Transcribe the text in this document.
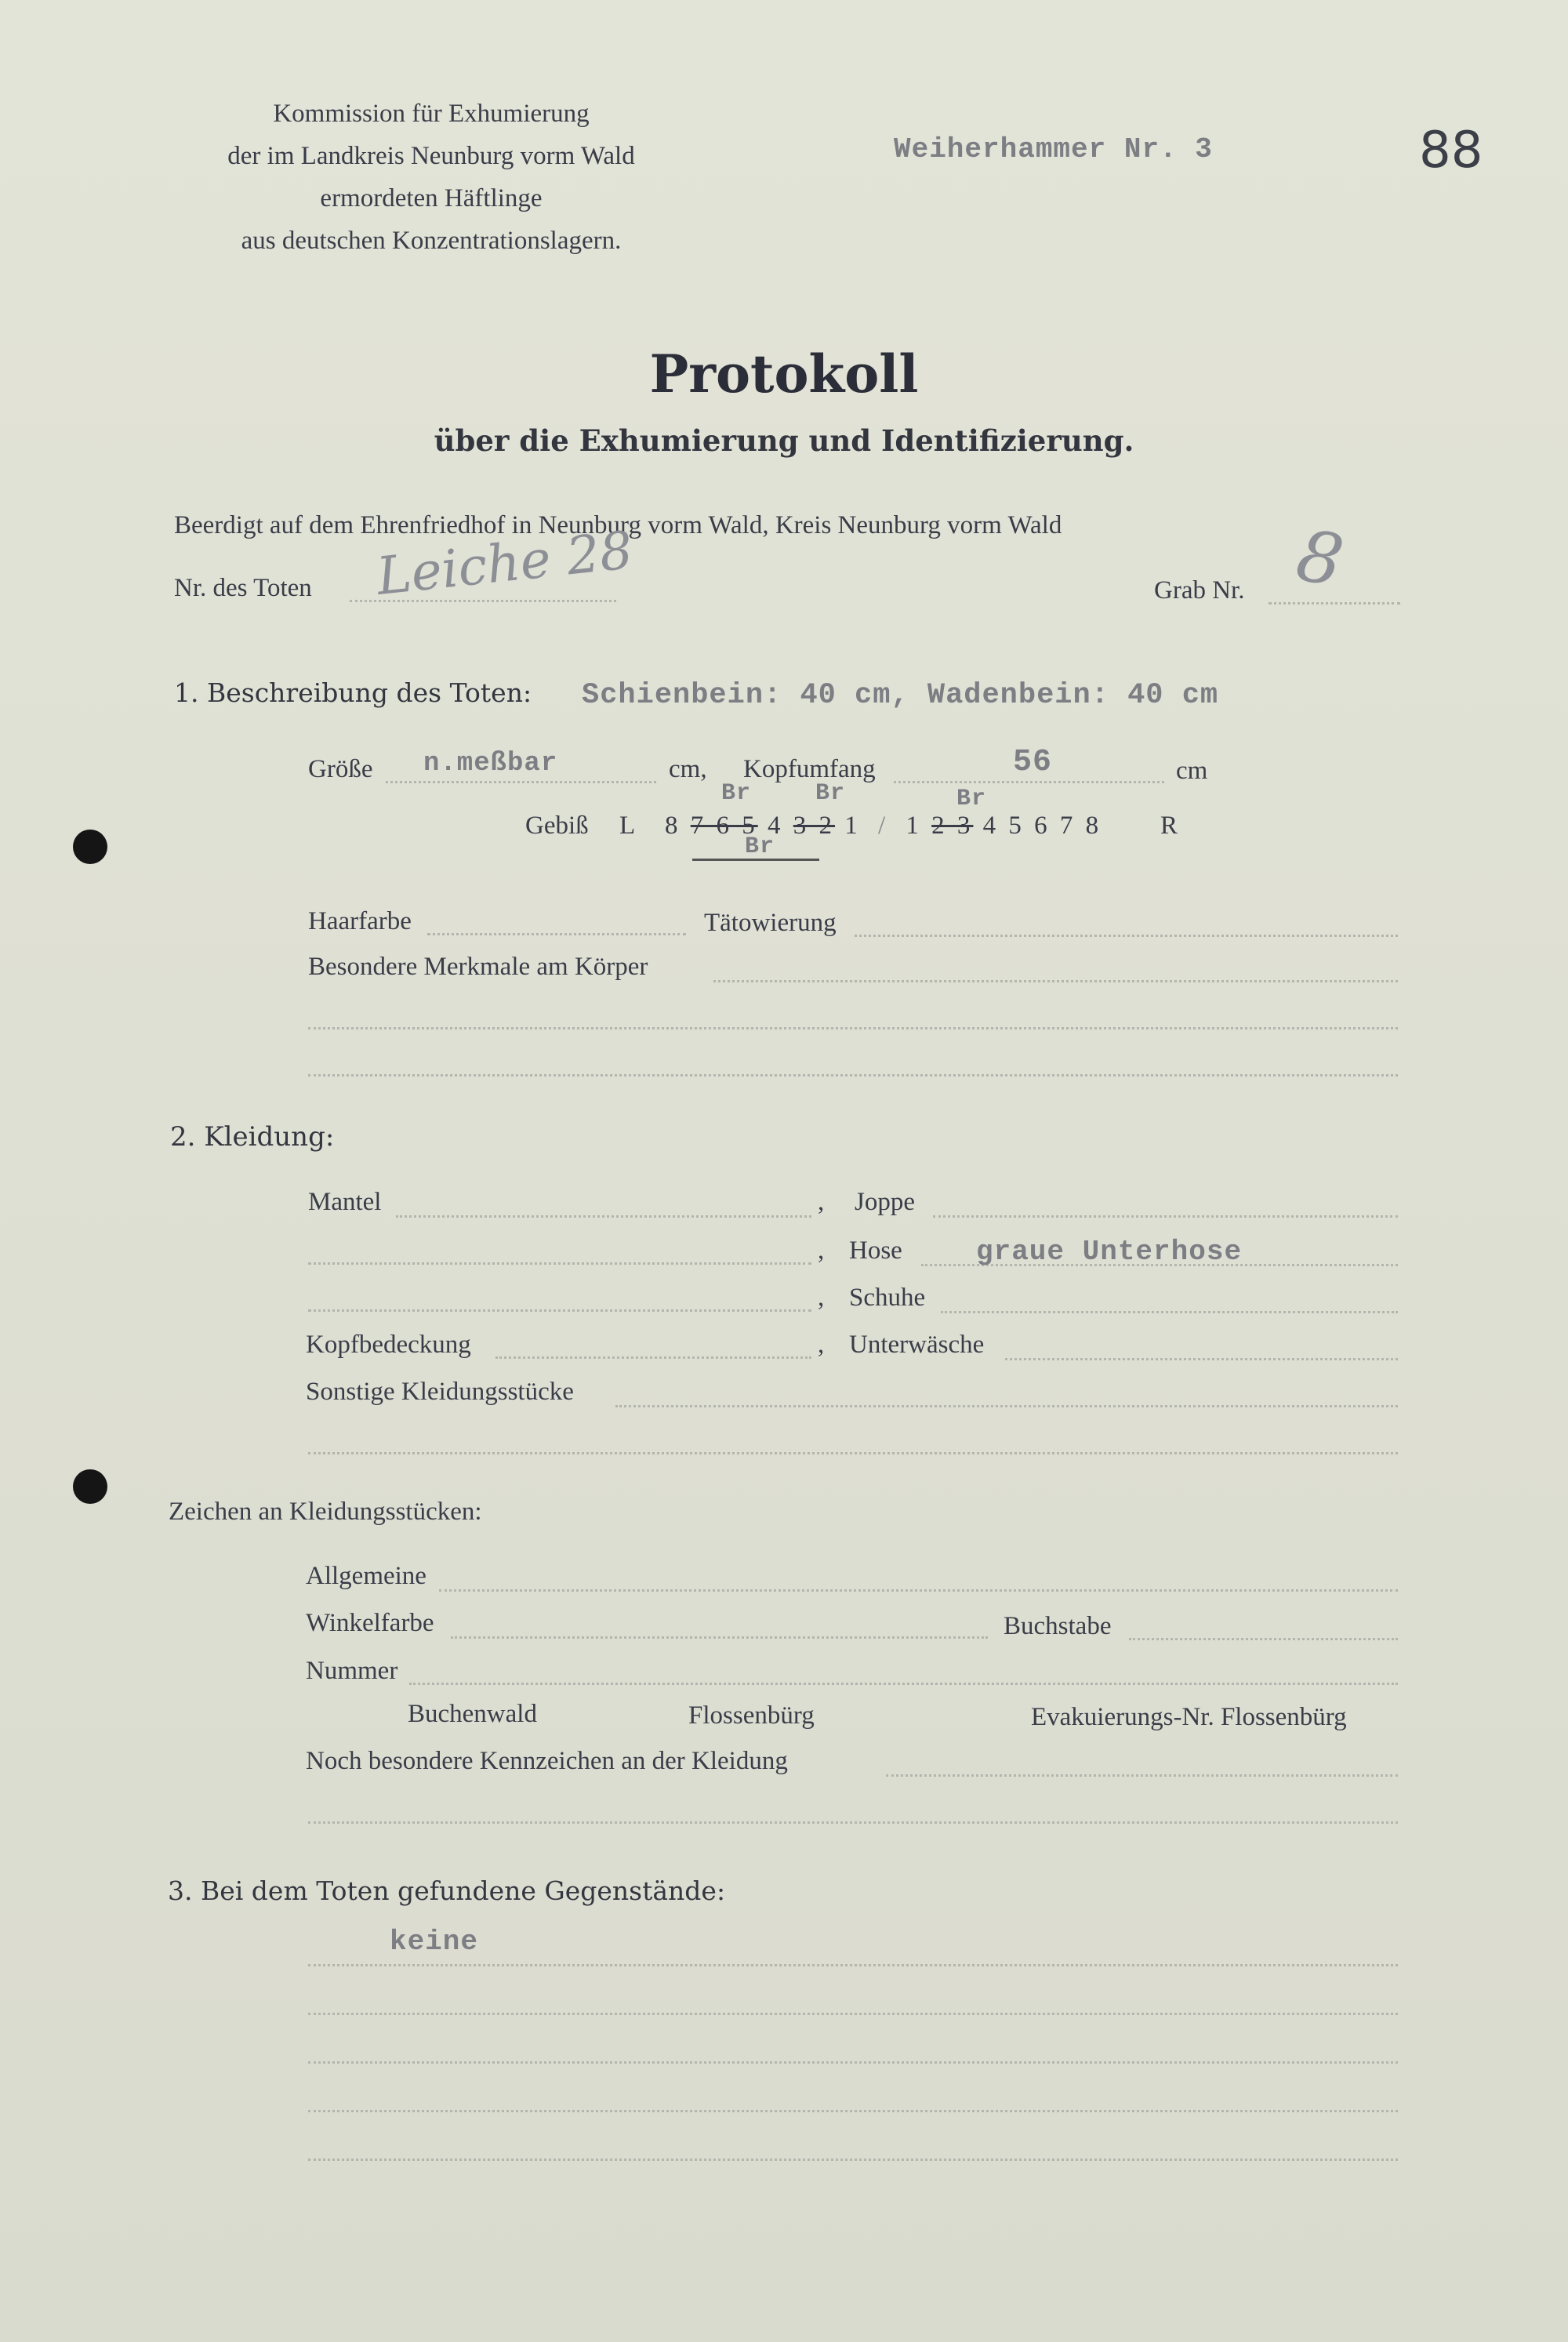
Kommission für Exhumierung
der im Landkreis Neunburg vorm Wald
ermordeten Häftlinge
aus deutschen Konzentrationslagern.
Weiherhammer Nr. 3	88
Protokoll
über die Exhumierung und Identifizierung.
Beerdigt auf dem Ehrenfriedhof in Neunburg vorm Wald, Kreis Neunburg vorm Wald
Nr. des Toten Leiche 28	Grab Nr. 8
1. Beschreibung des Toten: Schienbein: 40 cm, Wadenbein: 40 cm
Größe n.meßbar	cm, Kopfumfang	56	cm
Gebiß L 8 7 6 5 4 3 2 1 / 1 2 3 4 5 6 7 8 R
Br	Br	Br
Br
Haarfarbe	Tätowierung
Besondere Merkmale am Körper
2. Kleidung:
Mantel	, Joppe
, Hose	graue Unterhose
, Schuhe
Kopfbedeckung	, Unterwäsche
Sonstige Kleidungsstücke
Zeichen an Kleidungsstücken:
Allgemeine
Winkelfarbe	Buchstabe
Nummer
Buchenwald	Flossenbürg	Evakuierungs-Nr. Flossenbürg
Noch besondere Kennzeichen an der Kleidung
3. Bei dem Toten gefundene Gegenstände:
keine
